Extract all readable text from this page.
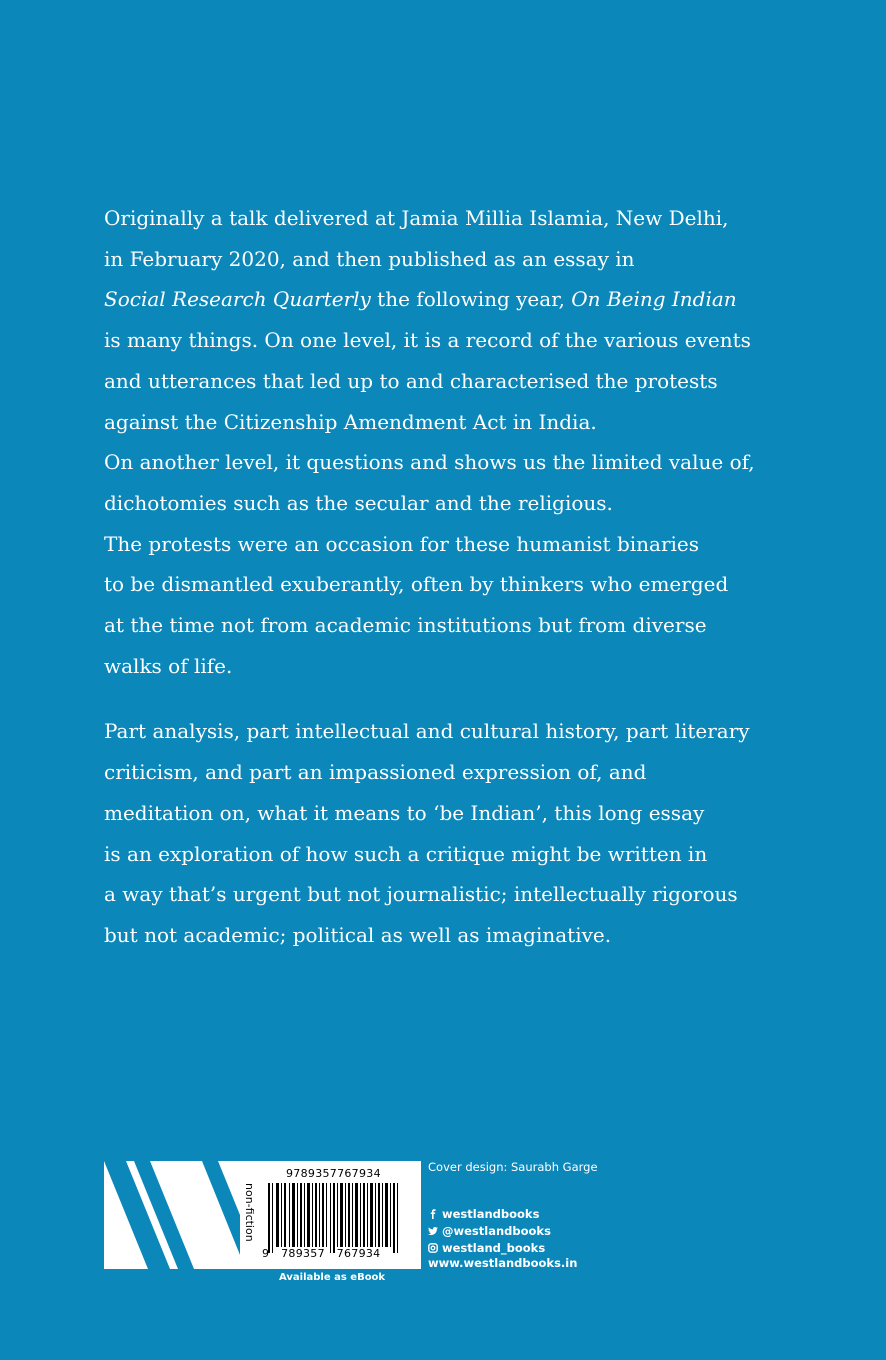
Originally a talk delivered at Jamia Millia Islamia, New Delhi,
in February 2020, and then published as an essay in
Social Research Quarterly the following year, On Being Indian
is many things. On one level, it is a record of the various events
and utterances that led up to and characterised the protests
against the Citizenship Amendment Act in India.
On another level, it questions and shows us the limited value of,
dichotomies such as the secular and the religious.
The protests were an occasion for these humanist binaries
to be dismantled exuberantly, often by thinkers who emerged
at the time not from academic institutions but from diverse
walks of life.

Part analysis, part intellectual and cultural history, part literary
criticism, and part an impassioned expression of, and
meditation on, what it means to ‘be Indian’, this long essay
is an exploration of how such a critique might be written in
a way that’s urgent but not journalistic; intellectually rigorous
but not academic; political as well as imaginative.

non-fiction
9789357767934
9 789357 767934
Available as eBook
Cover design: Saurabh Garge
westlandbooks
@westlandbooks
westland_books
www.westlandbooks.in
